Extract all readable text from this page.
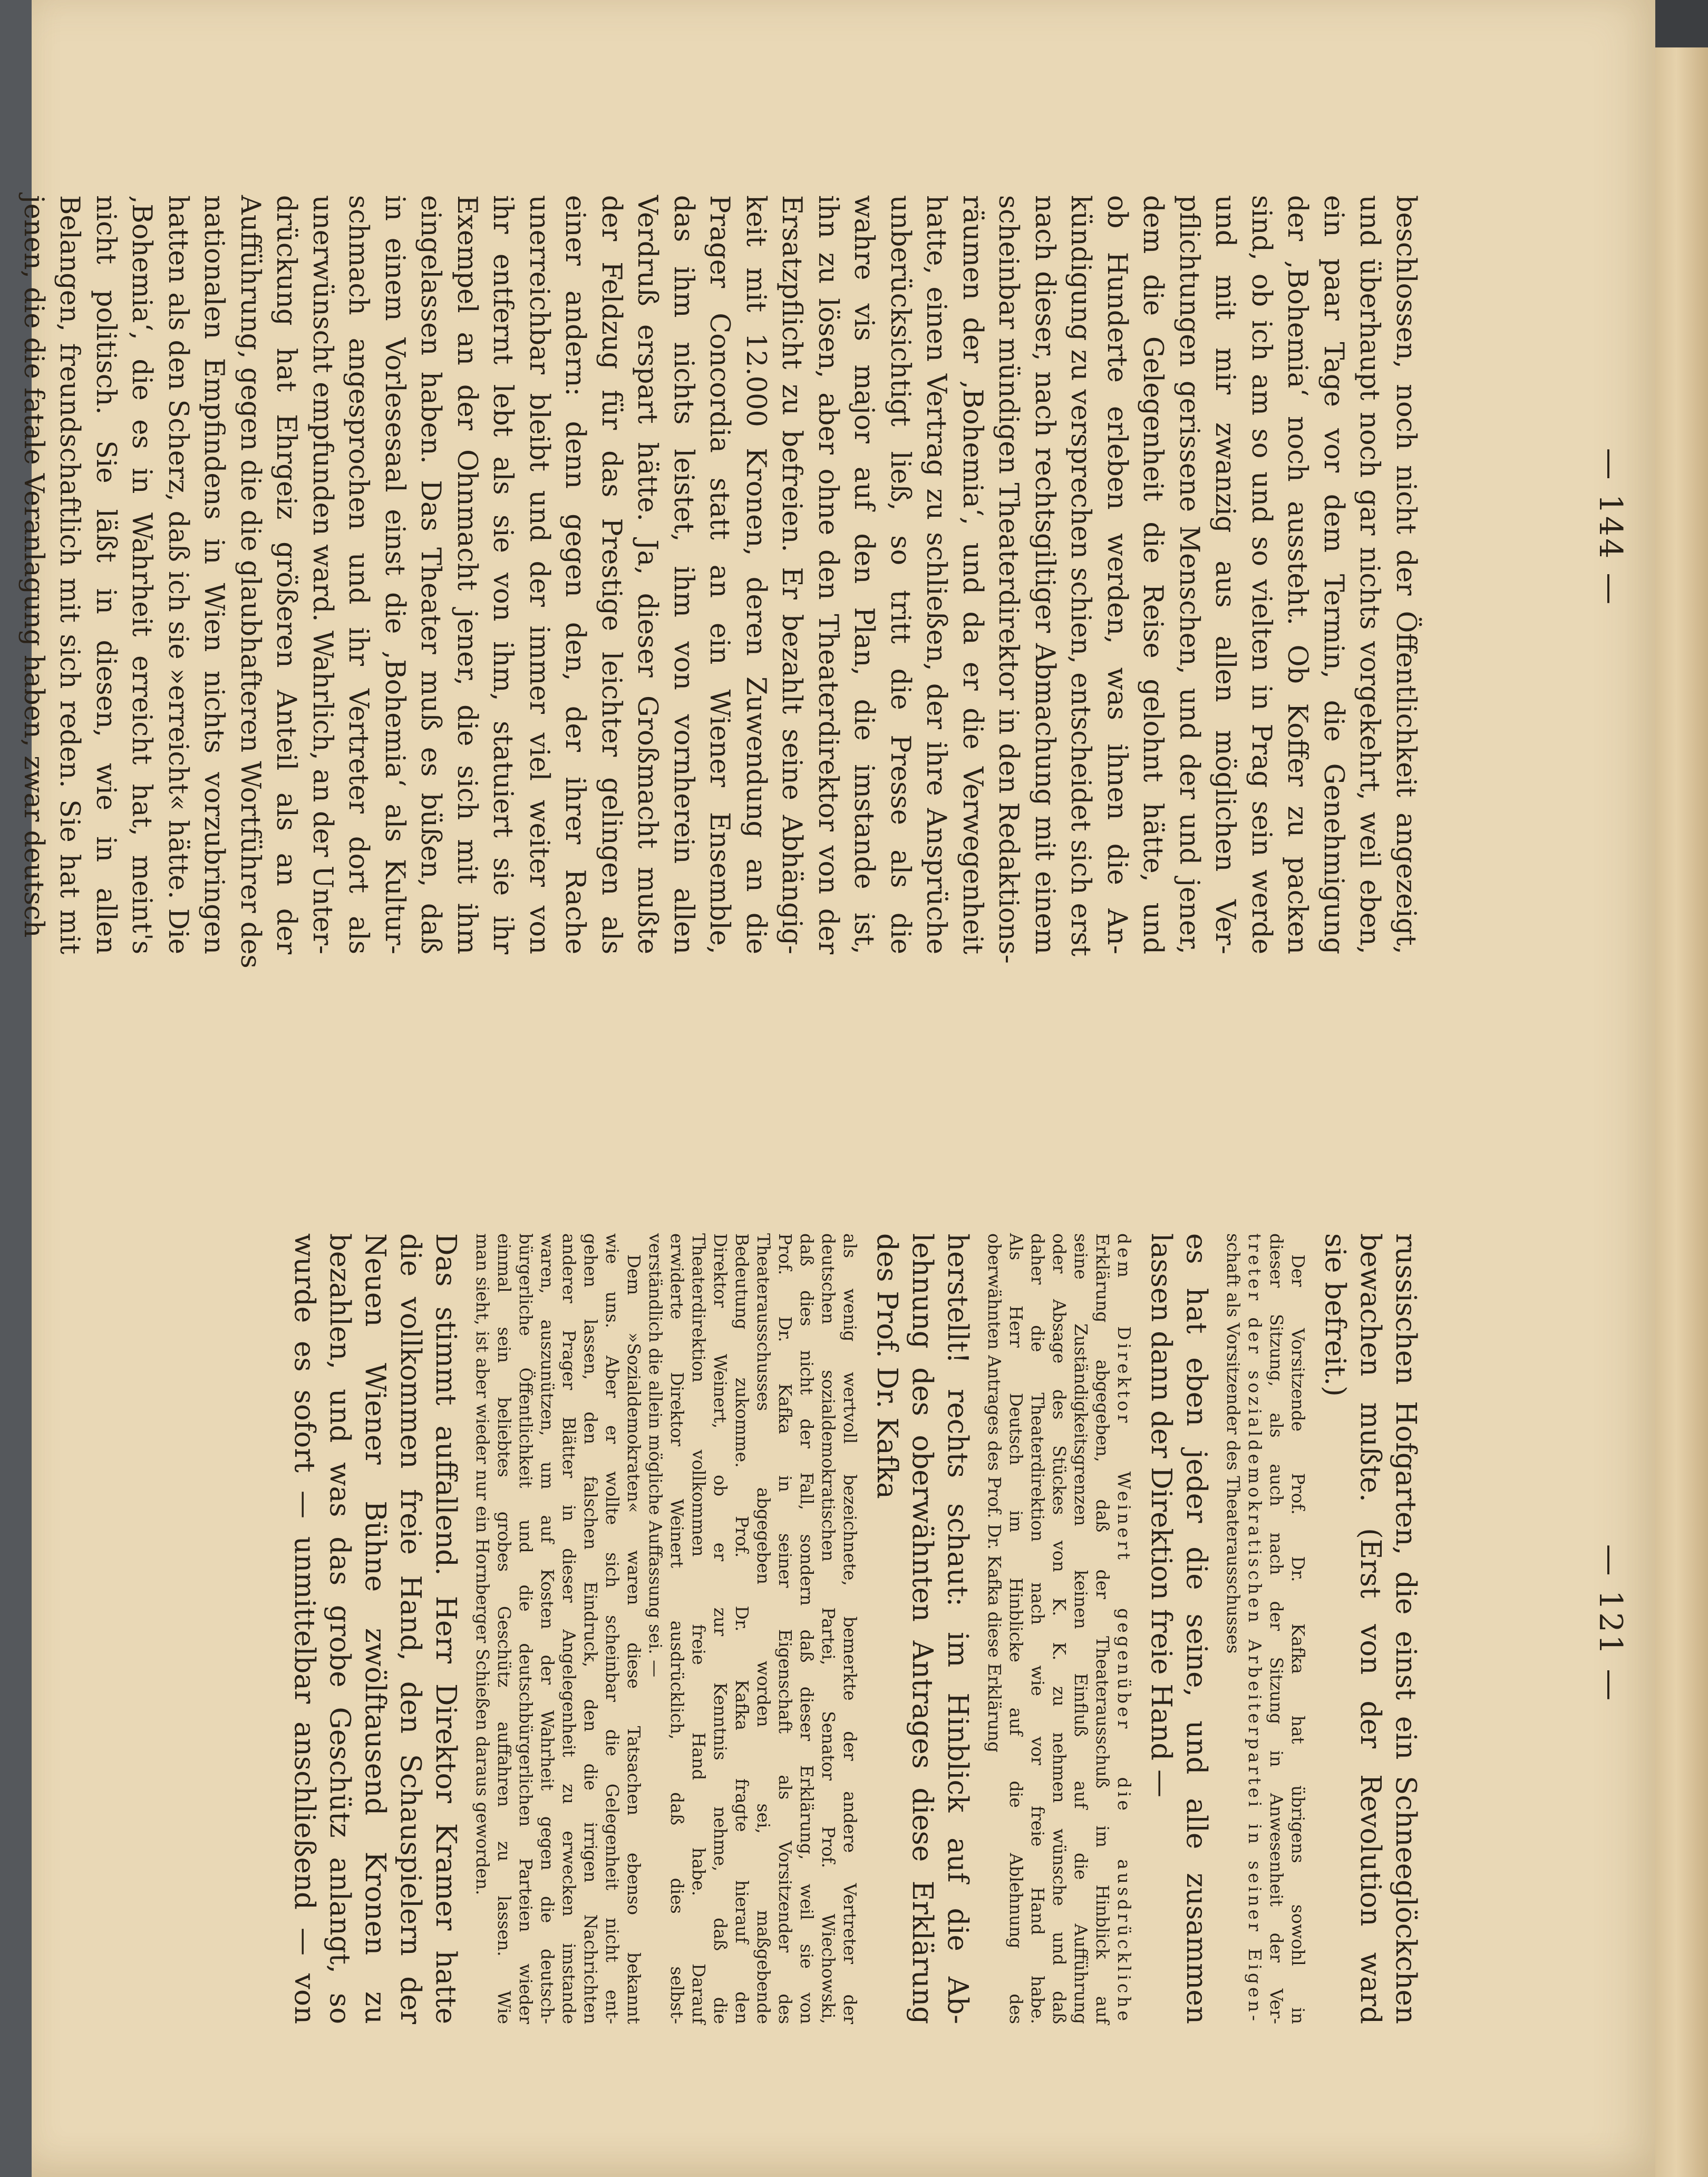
— 144 —
beschlossen, noch nicht der Öffentlichkeit angezeigt,
und überhaupt noch gar nichts vorgekehrt, weil eben,
ein paar Tage vor dem Termin, die Genehmigung
der ‚Bohemia‘ noch aussteht. Ob Koffer zu packen
sind, ob ich am so und so vielten in Prag sein werde
und mit mir zwanzig aus allen möglichen Ver-
pflichtungen gerissene Menschen, und der und jener,
dem die Gelegenheit die Reise gelohnt hätte, und
ob Hunderte erleben werden, was ihnen die An-
kündigung zu versprechen schien, entscheidet sich erst
nach dieser, nach rechtsgiltiger Abmachung mit einem
scheinbar mündigen Theaterdirektor in den Redaktions-
räumen der ‚Bohemia‘, und da er die Verwegenheit
hatte, einen Vertrag zu schließen, der ihre Ansprüche
unberücksichtigt ließ, so tritt die Presse als die
wahre vis major auf den Plan, die imstande ist,
ihn zu lösen, aber ohne den Theaterdirektor von der
Ersatzpflicht zu befreien. Er bezahlt seine Abhängig-
keit mit 12.000 Kronen, deren Zuwendung an die
Prager Concordia statt an ein Wiener Ensemble,
das ihm nichts leistet, ihm von vornherein allen
Verdruß erspart hätte. Ja, dieser Großmacht mußte
der Feldzug für das Prestige leichter gelingen als
einer andern: denn gegen den, der ihrer Rache
unerreichbar bleibt und der immer viel weiter von
ihr entfernt lebt als sie von ihm, statuiert sie ihr
Exempel an der Ohnmacht jener, die sich mit ihm
eingelassen haben. Das Theater muß es büßen, daß
in einem Vorlesesaal einst die ‚Bohemia‘ als Kultur-
schmach angesprochen und ihr Vertreter dort als
unerwünscht empfunden ward. Wahrlich, an der Unter-
drückung hat Ehrgeiz größeren Anteil als an der
Aufführung, gegen die die glaubhafteren Wortführer des
nationalen Empfindens in Wien nichts vorzubringen
hatten als den Scherz, daß ich sie »erreicht« hätte. Die
‚Bohemia‘, die es in Wahrheit erreicht hat, meint's
nicht politisch. Sie läßt in diesen, wie in allen
Belangen, freundschaftlich mit sich reden. Sie hat mit
jenen, die die fatale Veranlagung haben, zwar deutsch
— 121 —
russischen Hofgarten, die einst ein Schneeglöckchen
bewachen mußte. (Erst von der Revolution ward
sie befreit.)
Der Vorsitzende Prof. Dr. Kafka hat übrigens sowohl in
dieser Sitzung, als auch nach der Sitzung in Anwesenheit der Ver-
treter der sozialdemokratischen Arbeiterpartei in seiner Eigen-
schaft als Vorsitzender des Theaterausschusses
es hat eben jeder die seine, und alle zusammen
lassen dann der Direktion freie Hand —
dem Direktor Weinert gegenüber die ausdrückliche
Erklärung abgegeben, daß der Theaterausschuß im Hinblick auf
seine Zuständigkeitsgrenzen keinen Einfluß auf die Aufführung
oder Absage des Stückes von K. K. zu nehmen wünsche und daß
daher die Theaterdirektion nach wie vor freie Hand habe.
Als Herr Deutsch im Hinblicke auf die Ablehnung des
oberwähnten Antrages des Prof. Dr. Kafka diese Erklärung
herstellt! rechts schaut: im Hinblick auf die Ab-
lehnung des oberwähnten Antrages diese Erklärung
des Prof. Dr. Kafka
als wenig wertvoll bezeichnete, bemerkte der andere Vertreter der
deutschen sozialdemokratischen Partei, Senator Prof. Wiechowski,
daß dies nicht der Fall, sondern daß dieser Erklärung, weil sie von
Prof. Dr. Kafka in seiner Eigenschaft als Vorsitzender des
Theaterausschusses abgegeben worden sei, maßgebende
Bedeutung zukomme. Prof. Dr. Kafka fragte hierauf den
Direktor Weinert, ob er zur Kenntnis nehme, daß die
Theaterdirektion vollkommen freie Hand habe. Darauf
erwiderte Direktor Weinert ausdrücklich, daß dies selbst-
verständlich die allein mögliche Auffassung sei. —
Dem »Sozialdemokraten« waren diese Tatsachen ebenso bekannt
wie uns. Aber er wollte sich scheinbar die Gelegenheit nicht ent-
gehen lassen, den falschen Eindruck, den die irrigen Nachrichten
anderer Prager Blätter in dieser Angelegenheit zu erwecken imstande
waren, auszunützen, um auf Kosten der Wahrheit gegen die deutsch-
bürgerliche Öffentlichkeit und die deutschbürgerlichen Parteien wieder
einmal sein beliebtes grobes Geschütz auffahren zu lassen. Wie
man sieht, ist aber wieder nur ein Hornberger Schießen daraus geworden.
Das stimmt auffallend. Herr Direktor Kramer hatte
die vollkommen freie Hand, den Schauspielern der
Neuen Wiener Bühne zwölftausend Kronen zu
bezahlen, und was das grobe Geschütz anlangt, so
wurde es sofort — unmittelbar anschließend — von
